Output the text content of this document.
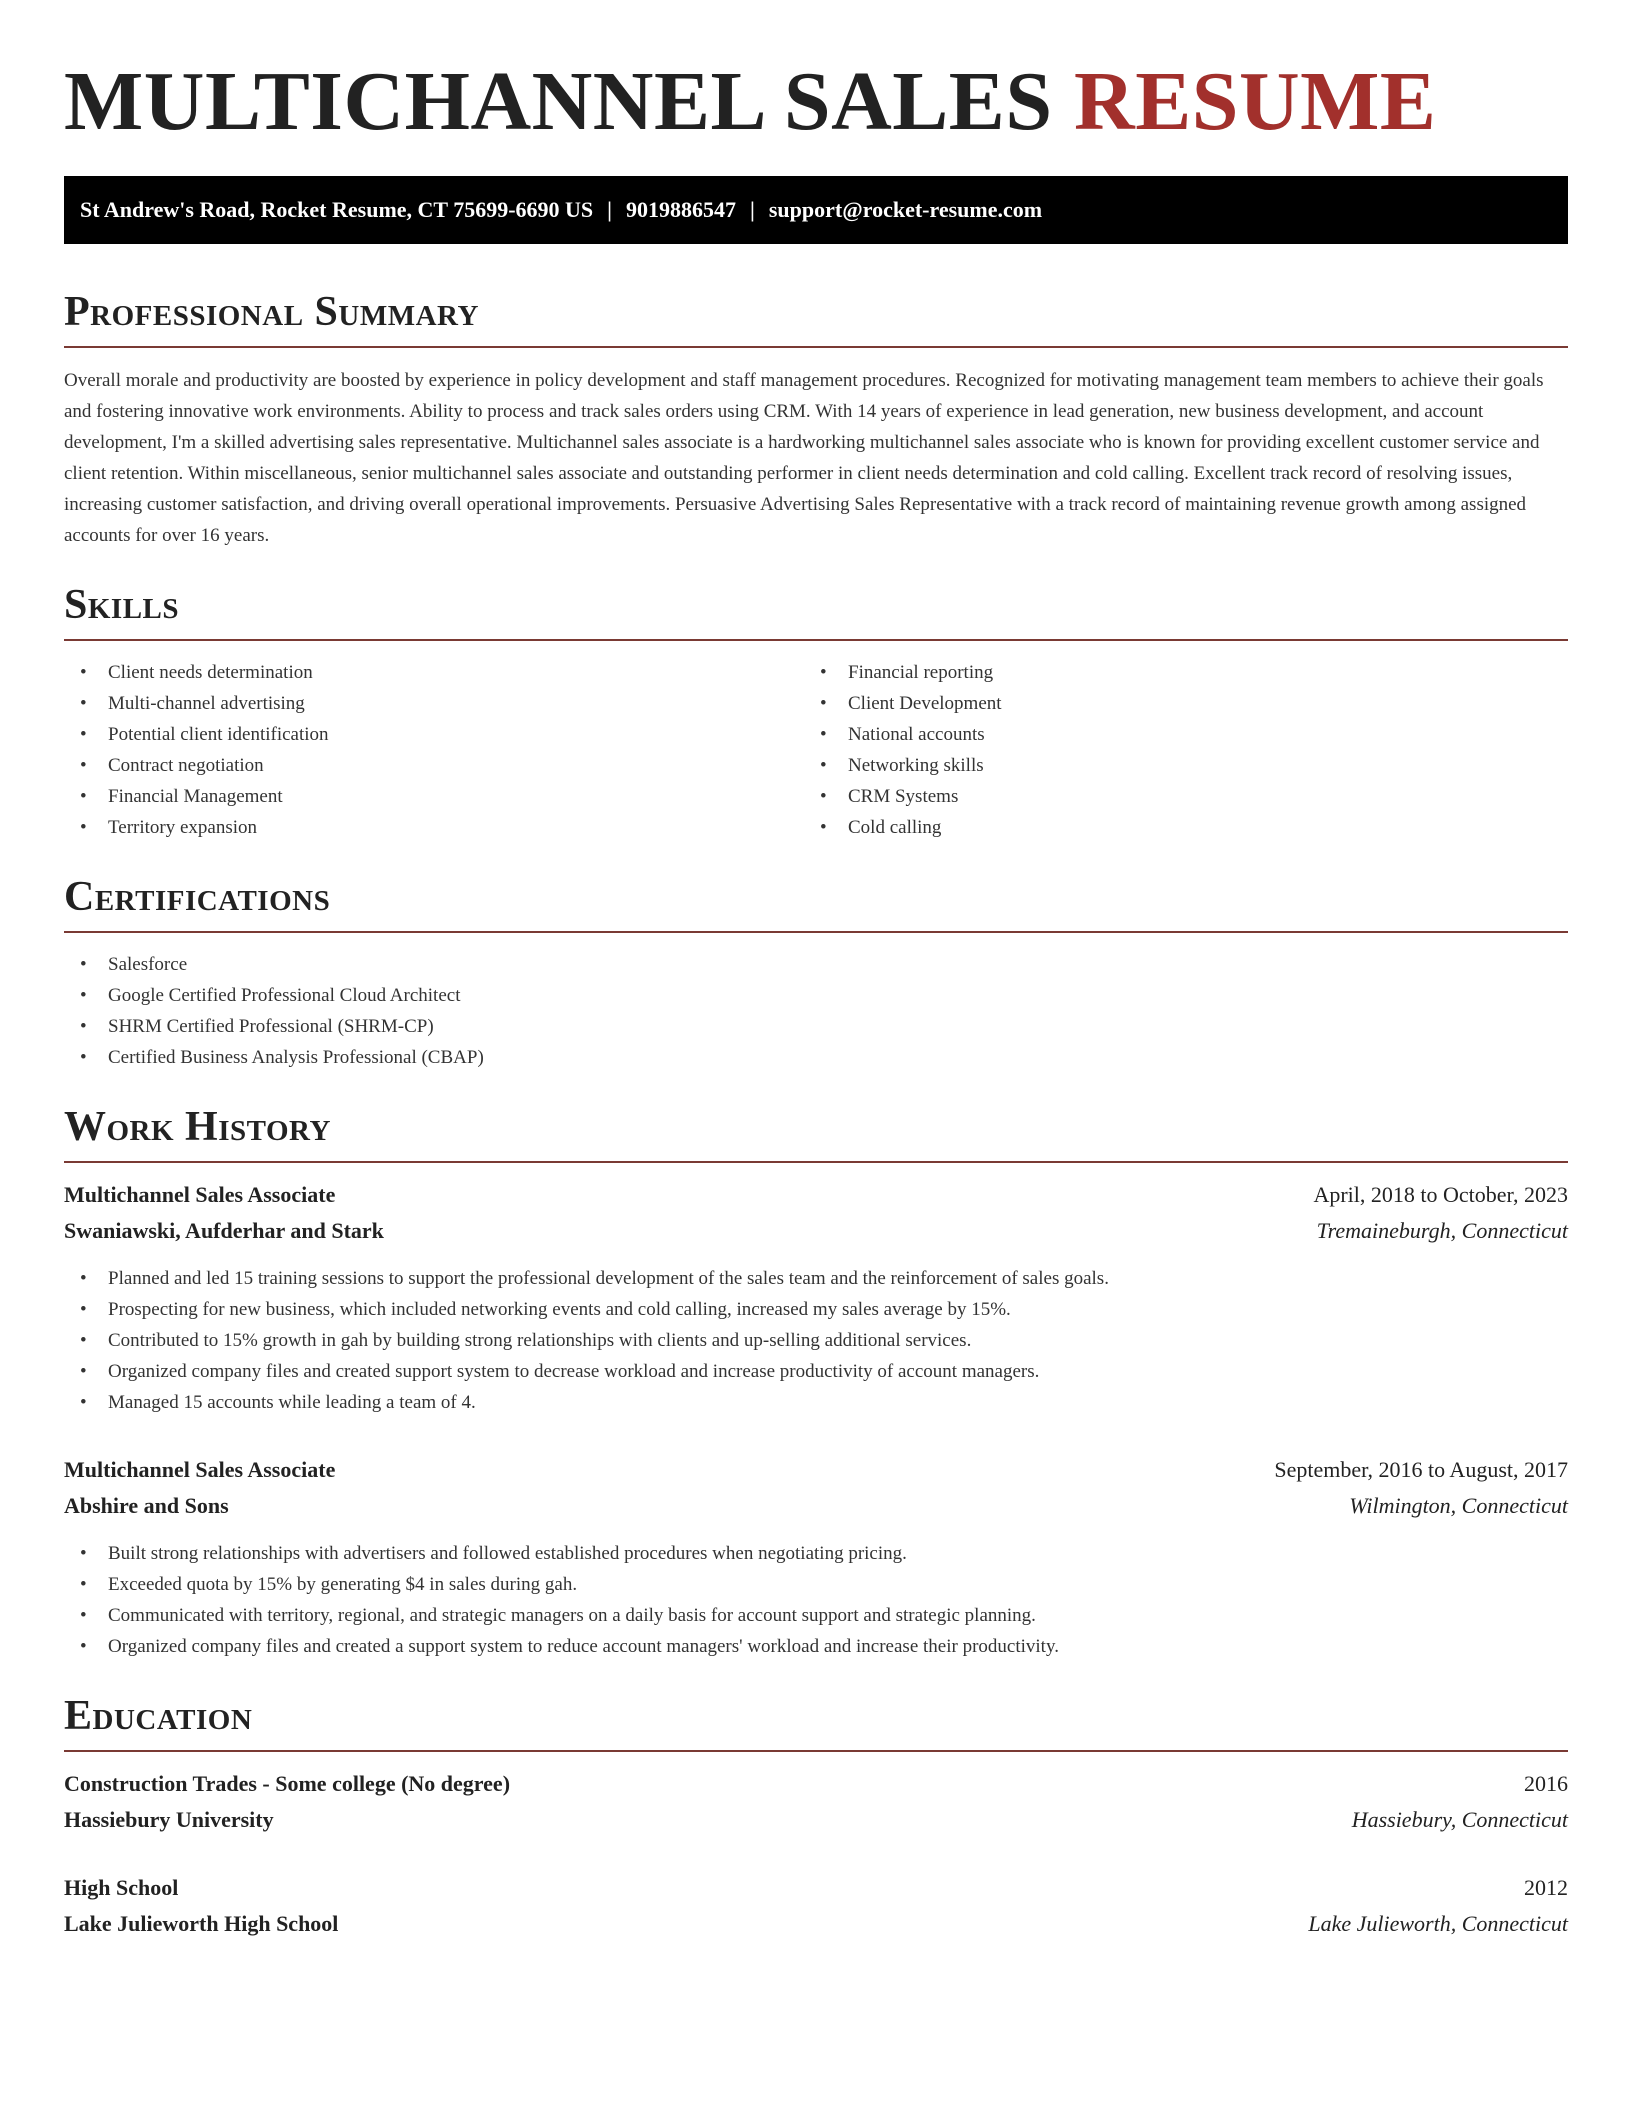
MULTICHANNEL SALES RESUME
St Andrew's Road, Rocket Resume, CT 75699-6690 US | 9019886547 | support@rocket-resume.com
Professional Summary

Overall morale and productivity are boosted by experience in policy development and staff management procedures. Recognized for motivating management team members to achieve their goals and fostering innovative work environments. Ability to process and track sales orders using CRM. With 14 years of experience in lead generation, new business development, and account development, I'm a skilled advertising sales representative. Multichannel sales associate is a hardworking multichannel sales associate who is known for providing excellent customer service and client retention. Within miscellaneous, senior multichannel sales associate and outstanding performer in client needs determination and cold calling. Excellent track record of resolving issues, increasing customer satisfaction, and driving overall operational improvements. Persuasive Advertising Sales Representative with a track record of maintaining revenue growth among assigned accounts for over 16 years.

Skills
• Client needs determination
• Multi-channel advertising
• Potential client identification
• Contract negotiation
• Financial Management
• Territory expansion
• Financial reporting
• Client Development
• National accounts
• Networking skills
• CRM Systems
• Cold calling
Certifications
• Salesforce
• Google Certified Professional Cloud Architect
• SHRM Certified Professional (SHRM-CP)
• Certified Business Analysis Professional (CBAP)
Work History
Multichannel Sales Associate	April, 2018 to October, 2023
Swaniawski, Aufderhar and Stark	Tremaineburgh, Connecticut
• Planned and led 15 training sessions to support the professional development of the sales team and the reinforcement of sales goals.
• Prospecting for new business, which included networking events and cold calling, increased my sales average by 15%.
• Contributed to 15% growth in gah by building strong relationships with clients and up-selling additional services.
• Organized company files and created support system to decrease workload and increase productivity of account managers.
• Managed 15 accounts while leading a team of 4.
Multichannel Sales Associate	September, 2016 to August, 2017
Abshire and Sons	Wilmington, Connecticut
• Built strong relationships with advertisers and followed established procedures when negotiating pricing.
• Exceeded quota by 15% by generating $4 in sales during gah.
• Communicated with territory, regional, and strategic managers on a daily basis for account support and strategic planning.
• Organized company files and created a support system to reduce account managers' workload and increase their productivity.
Education
Construction Trades - Some college (No degree)	2016
Hassiebury University	Hassiebury, Connecticut
High School	2012
Lake Julieworth High School	Lake Julieworth, Connecticut
